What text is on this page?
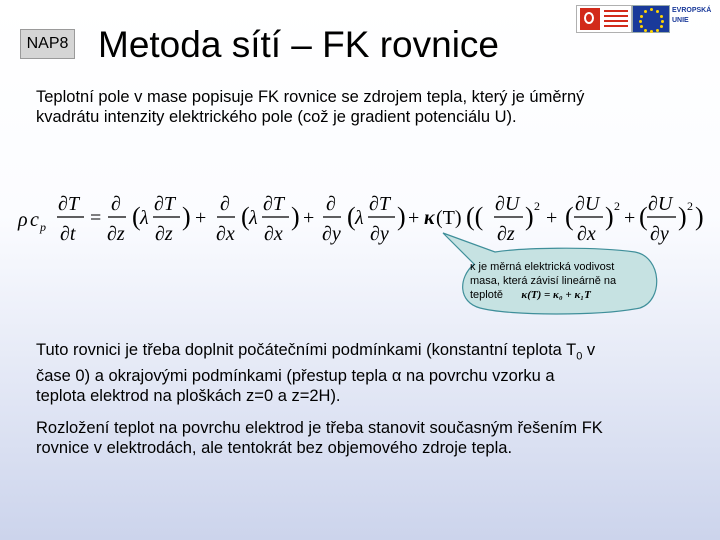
NAP8 Metoda sítí – FK rovnice
EVROPSKÁ
UNIE
Teplotní pole v mase popisuje FK rovnice se zdrojem tepla, který je úměrný
kvadrátu intenzity elektrického pole (což je gradient potenciálu U).
ρ c p
∂T
∂t
=
∂
∂z
( λ
∂T
∂z
) +
∂
∂x
( λ
∂T
∂x
) +
∂
∂y
( λ
∂T
∂y
) + κ (T) (( ∂U
∂z
) 2
+ ( ∂U
∂x
) 2
+ ( ∂U
∂y
) 2 )
κ je měrná elektrická vodivost
masa, která závisí lineárně na
teplotě κ(T) = κ₀ + κ₁T
Tuto rovnici je třeba doplnit počátečními podmínkami (konstantní teplota $T_0$ v
čase 0) a okrajovými podmínkami (přestup tepla α na povrchu vzorku a
teplota elektrod na ploškách z=0 a z=2H).
Rozložení teplot na povrchu elektrod je třeba stanovit současným řešením FK
rovnice v elektrodách, ale tentokrát bez objemového zdroje tepla.
